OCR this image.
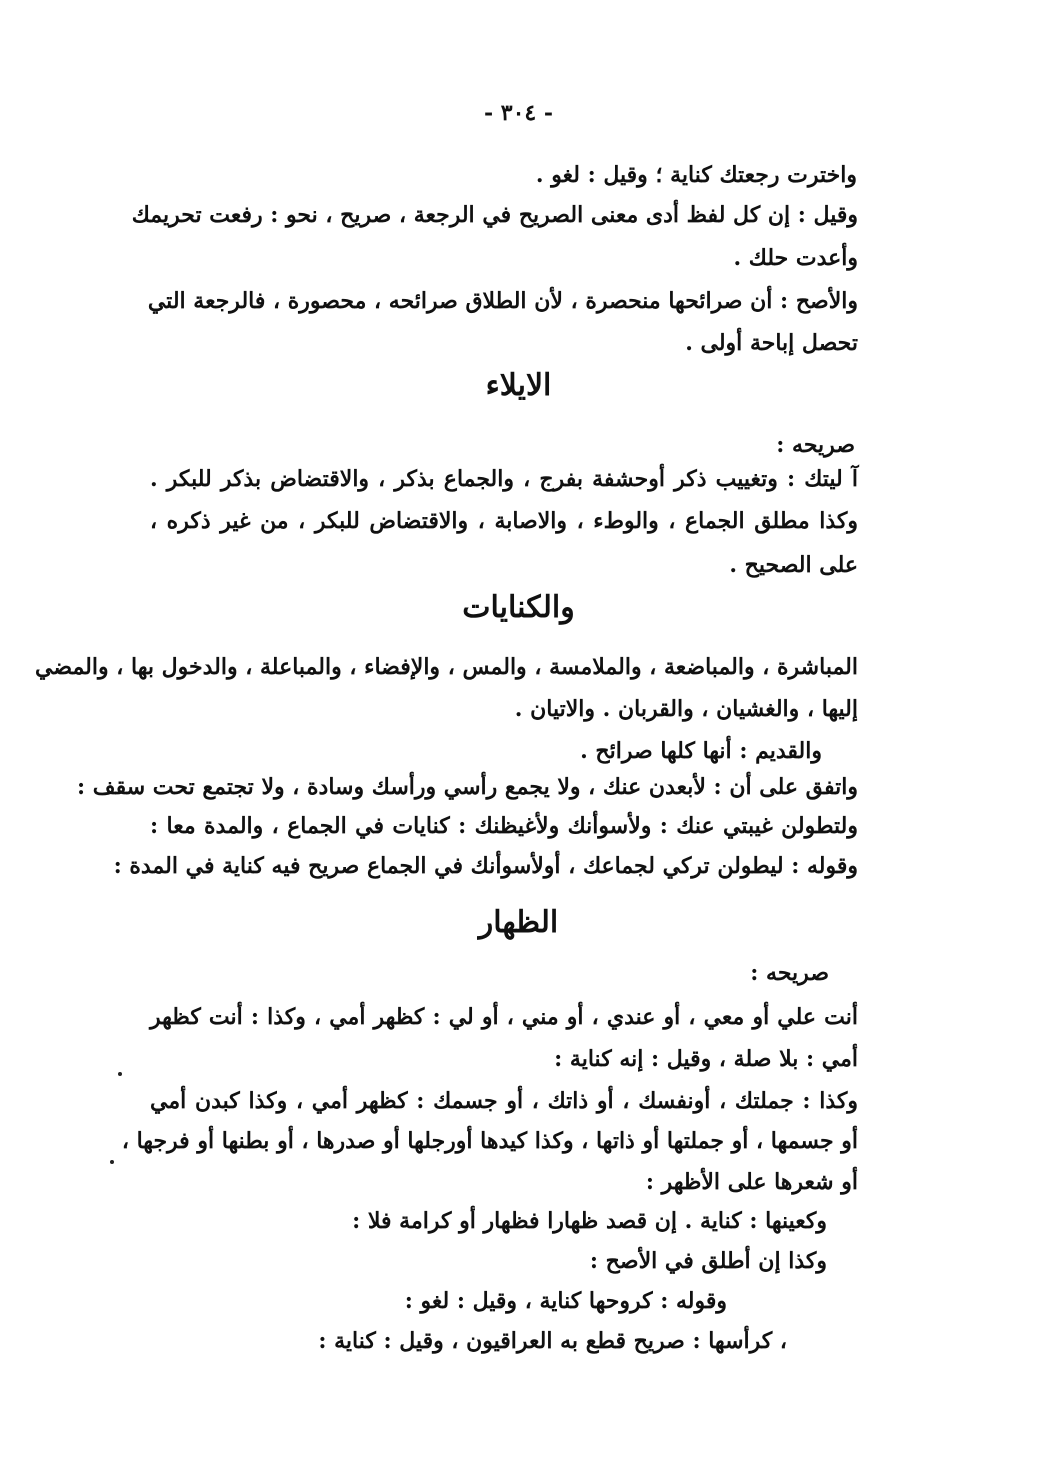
- ٣٠٤ -
واخترت رجعتك كناية ؛ وقيل : لغو .
وقيل : إن كل لفظ أدى معنى الصريح في الرجعة ، صريح ، نحو : رفعت تحريمك
وأعدت حلك .
والأصح : أن صرائحها منحصرة ، لأن الطلاق صرائحه ، محصورة ، فالرجعة التي
تحصل إباحة أولى .
الايلاء
صريحه :
آ ليتك : وتغييب ذكر أوحشفة بفرج ، والجماع بذكر ، والاقتضاض بذكر للبكر .
وكذا مطلق الجماع ، والوطء ، والاصابة ، والاقتضاض للبكر ، من غير ذكره ،
على الصحيح .
والكنايات
المباشرة ، والمباضعة ، والملامسة ، والمس ، والإفضاء ، والمباعلة ، والدخول بها ، والمضي
إليها ، والغشيان ، والقربان . والاتيان .
والقديم : أنها كلها صرائح .
واتفق على أن : لأبعدن عنك ، ولا يجمع رأسي ورأسك وسادة ، ولا تجتمع تحت سقف :
ولتطولن غيبتي عنك : ولأسوأنك ولأغيظنك : كنايات في الجماع ، والمدة معا :
وقوله : ليطولن تركي لجماعك ، أولأسوأنك في الجماع صريح فيه كناية في المدة :
الظهار
صريحه :
أنت علي أو معي ، أو عندي ، أو مني ، أو لي : كظهر أمي ، وكذا : أنت كظهر
أمي : بلا صلة ، وقيل : إنه كناية :
وكذا : جملتك ، أونفسك ، أو ذاتك ، أو جسمك : كظهر أمي ، وكذا كبدن أمي
أو جسمها ، أو جملتها أو ذاتها ، وكذا كيدها أورجلها أو صدرها ، أو بطنها أو فرجها ،
أو شعرها على الأظهر :
وكعينها : كناية . إن قصد ظهارا فظهار أو كرامة فلا :
وكذا إن أطلق في الأصح :
وقوله : كروحها كناية ، وقيل : لغو :
، كرأسها : صريح قطع به العراقيون ، وقيل : كناية :
